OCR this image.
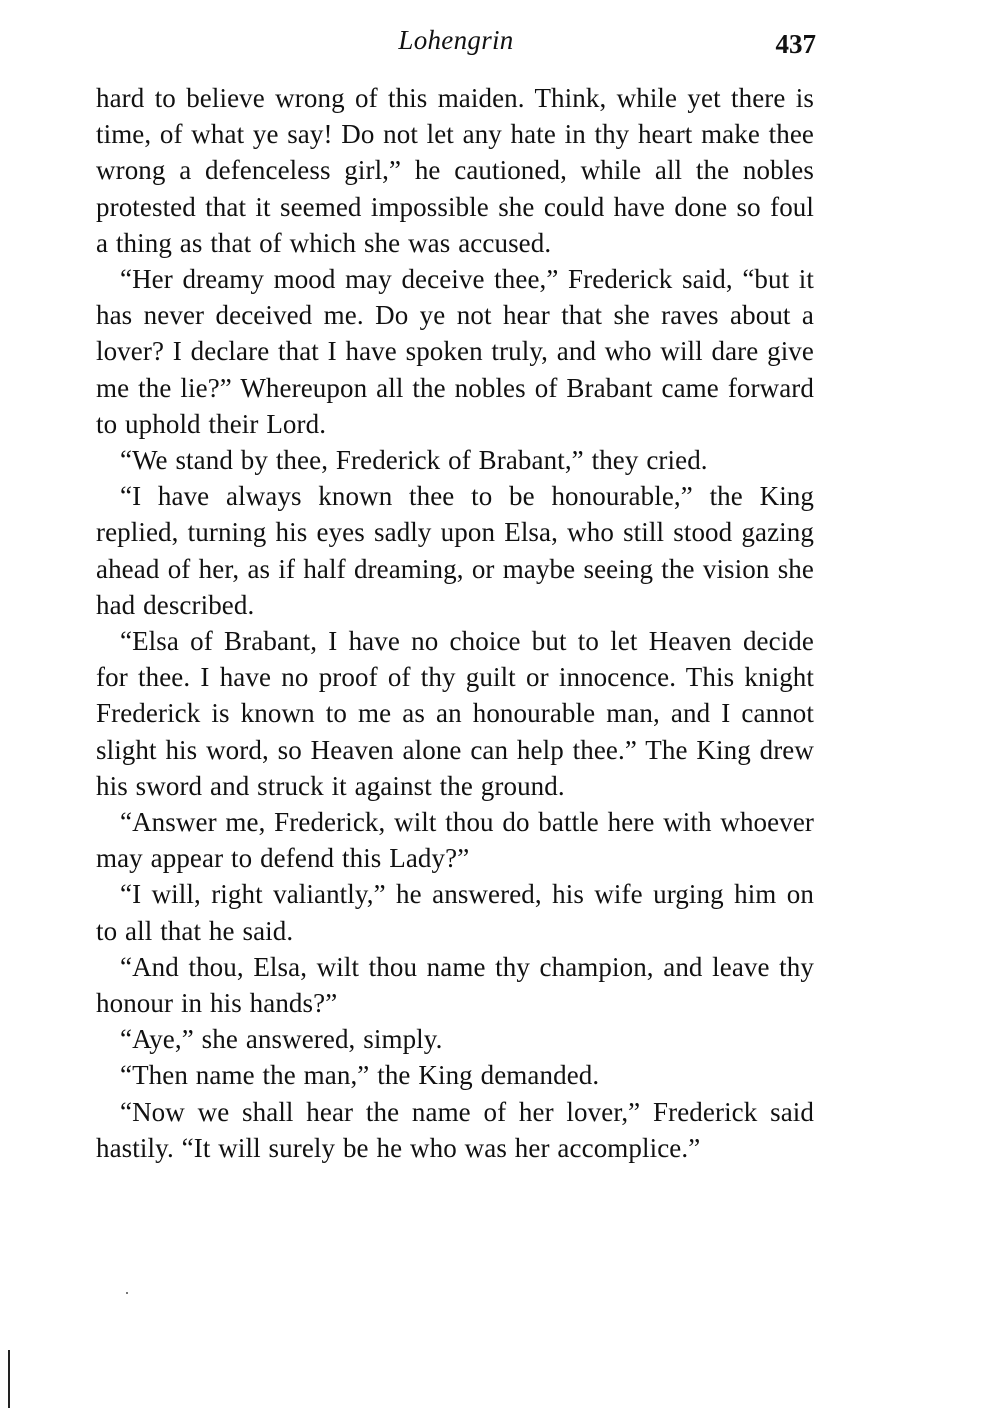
Lohengrin	437

hard to believe wrong of this maiden. Think, while yet there is time, of what ye say! Do not let any hate in thy heart make thee wrong a defenceless girl,” he cautioned, while all the nobles protested that it seemed impossible she could have done so foul a thing as that of which she was accused.

“Her dreamy mood may deceive thee,” Frederick said, “but it has never deceived me. Do ye not hear that she raves about a lover? I declare that I have spoken truly, and who will dare give me the lie?” Whereupon all the nobles of Brabant came forward to uphold their Lord.

“We stand by thee, Frederick of Brabant,” they cried.

“I have always known thee to be honourable,” the King replied, turning his eyes sadly upon Elsa, who still stood gazing ahead of her, as if half dreaming, or maybe seeing the vision she had described.

“Elsa of Brabant, I have no choice but to let Heaven decide for thee. I have no proof of thy guilt or innocence. This knight Frederick is known to me as an honourable man, and I cannot slight his word, so Heaven alone can help thee.” The King drew his sword and struck it against the ground.

“Answer me, Frederick, wilt thou do battle here with whoever may appear to defend this Lady?”

“I will, right valiantly,” he answered, his wife urging him on to all that he said.

“And thou, Elsa, wilt thou name thy champion, and leave thy honour in his hands?”

“Aye,” she answered, simply.

“Then name the man,” the King demanded.

“Now we shall hear the name of her lover,” Frederick said hastily. “It will surely be he who was her accomplice.”
